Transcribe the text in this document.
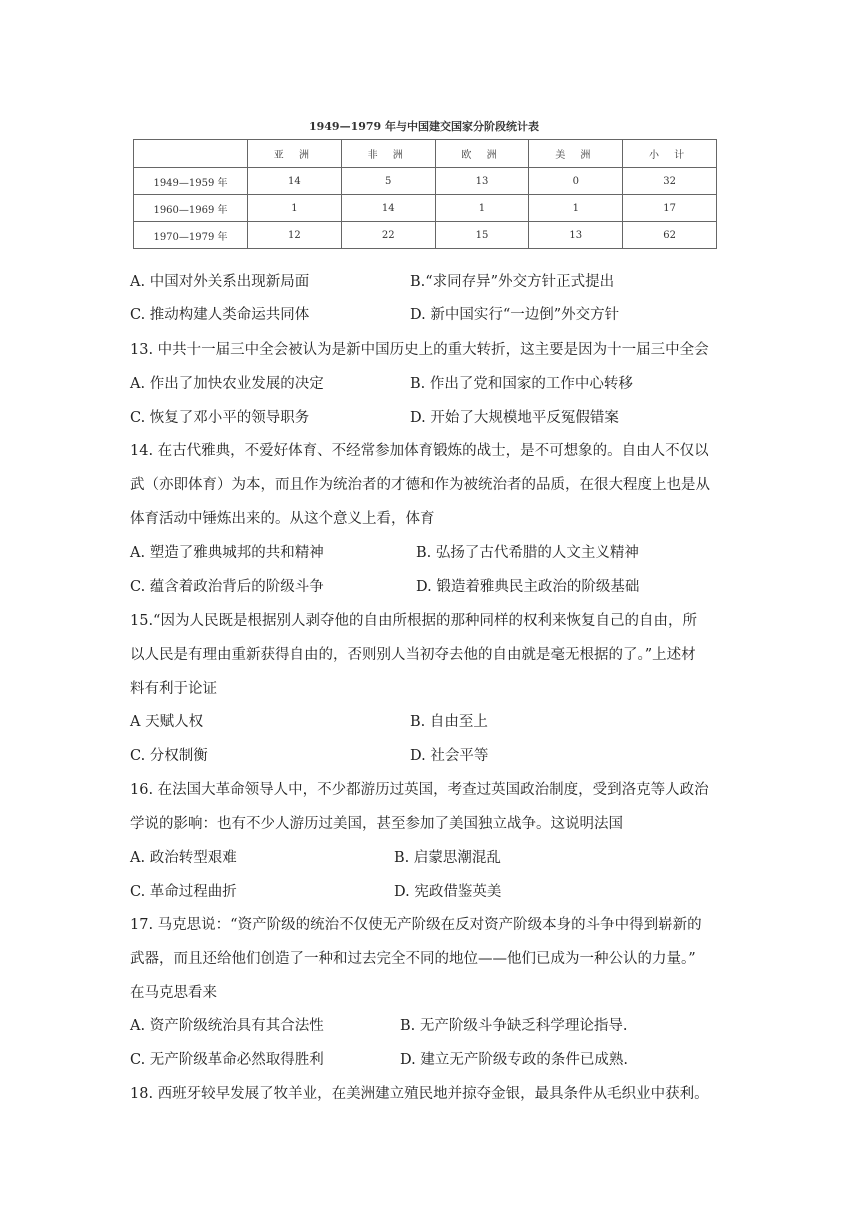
1949—1979 年与中国建交国家分阶段统计表
	亚 洲	非 洲	欧 洲	美 洲	小 计
1949—1959 年	14	5	13	0	32
1960—1969 年	1	14	1	1	17
1970—1979 年	12	22	15	13	62
A. 中国对外关系出现新局面	B.“求同存异”外交方针正式提出
C. 推动构建人类命运共同体	D. 新中国实行“一边倒”外交方针
13. 中共十一届三中全会被认为是新中国历史上的重大转折，这主要是因为十一届三中全会
A. 作出了加快农业发展的决定	B. 作出了党和国家的工作中心转移
C. 恢复了邓小平的领导职务	D. 开始了大规模地平反冤假错案
14. 在古代雅典，不爱好体育、不经常参加体育锻炼的战士，是不可想象的。自由人不仅以
武（亦即体育）为本，而且作为统治者的才德和作为被统治者的品质，在很大程度上也是从
体育活动中锤炼出来的。从这个意义上看，体育
A. 塑造了雅典城邦的共和精神	B. 弘扬了古代希腊的人文主义精神
C. 蕴含着政治背后的阶级斗争	D. 锻造着雅典民主政治的阶级基础
15.“因为人民既是根据别人剥夺他的自由所根据的那种同样的权利来恢复自己的自由，所
以人民是有理由重新获得自由的，否则别人当初夺去他的自由就是毫无根据的了。”上述材
料有利于论证
A 天赋人权	B. 自由至上
C. 分权制衡	D. 社会平等
16. 在法国大革命领导人中，不少都游历过英国，考查过英国政治制度，受到洛克等人政治
学说的影响：也有不少人游历过美国，甚至参加了美国独立战争。这说明法国
A. 政治转型艰难	B. 启蒙思潮混乱
C. 革命过程曲折	D. 宪政借鉴英美
17. 马克思说：“资产阶级的统治不仅使无产阶级在反对资产阶级本身的斗争中得到崭新的
武器，而且还给他们创造了一种和过去完全不同的地位——他们已成为一种公认的力量。”
在马克思看来
A. 资产阶级统治具有其合法性	B. 无产阶级斗争缺乏科学理论指导.
C. 无产阶级革命必然取得胜利	D. 建立无产阶级专政的条件已成熟.
18. 西班牙较早发展了牧羊业，在美洲建立殖民地并掠夺金银，最具条件从毛织业中获利。
